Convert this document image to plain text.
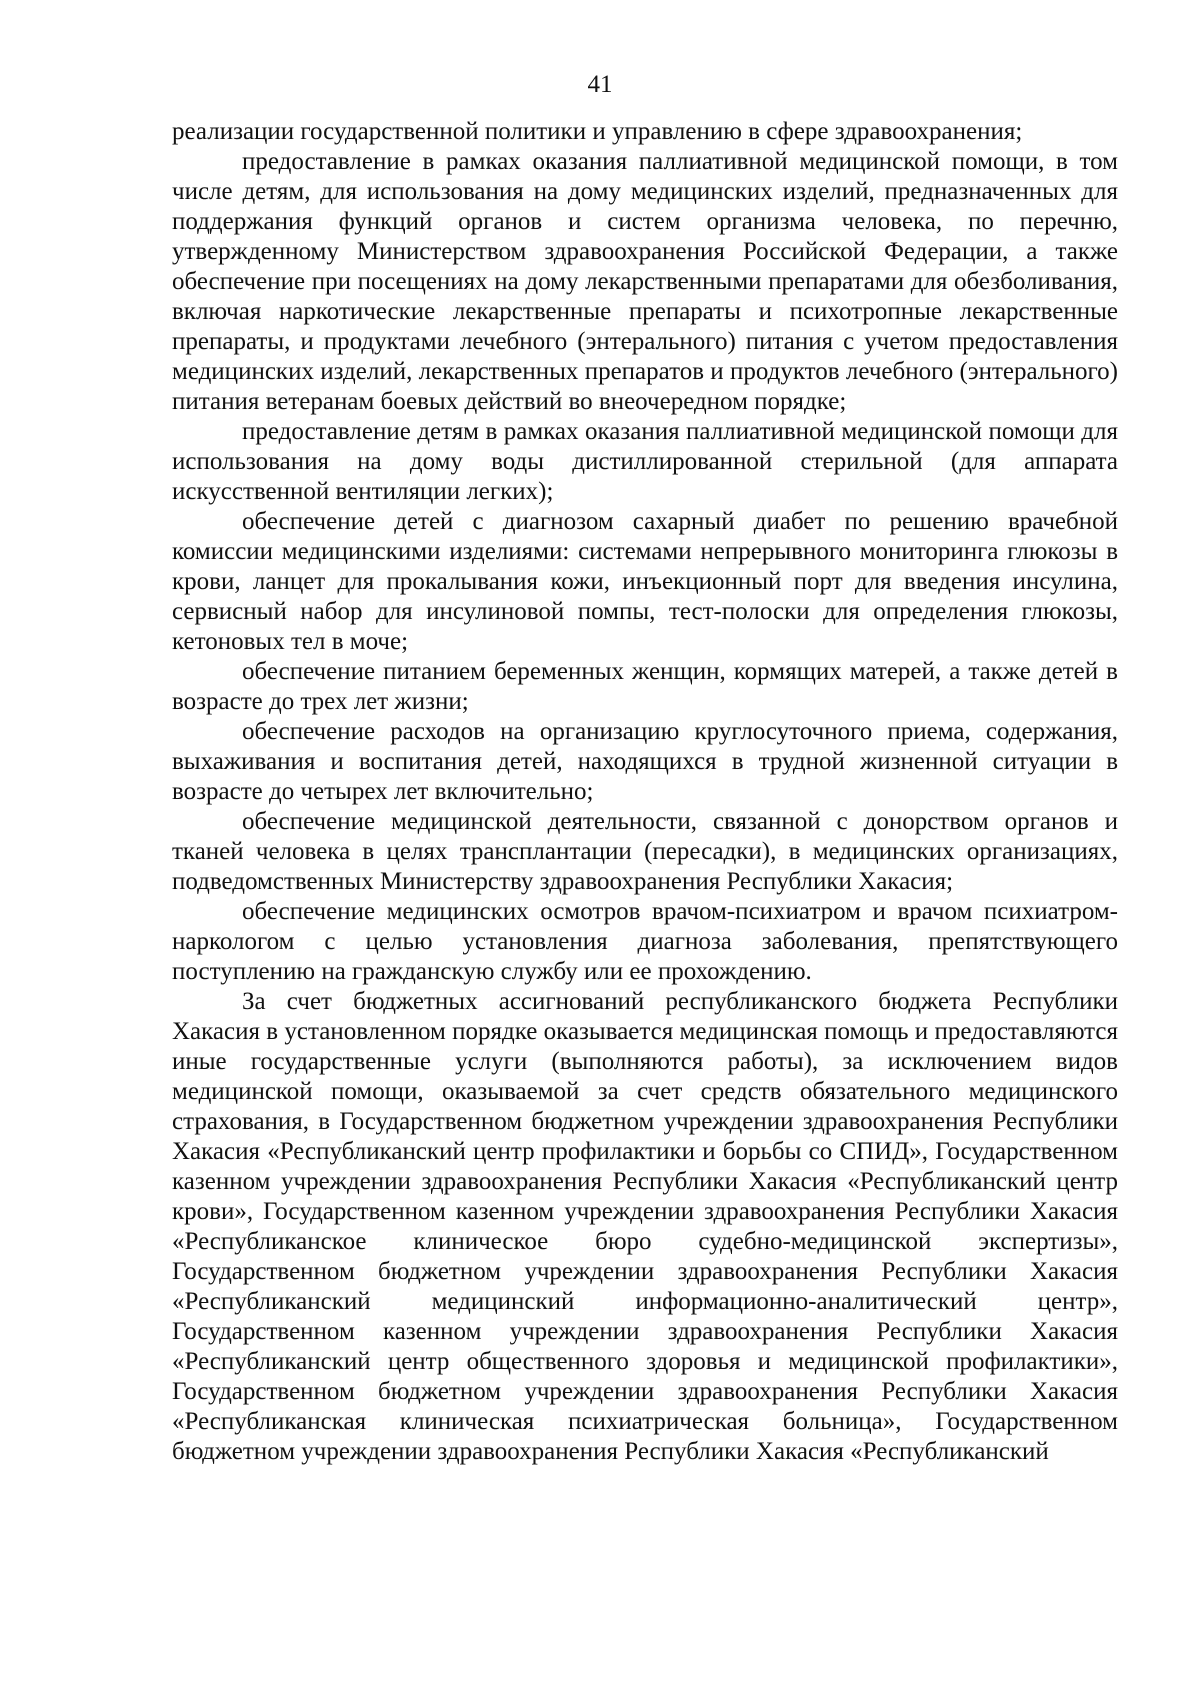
41

реализации государственной политики и управлению в сфере здравоохранения;

предоставление в рамках оказания паллиативной медицинской помощи, в том числе детям, для использования на дому медицинских изделий, предназначенных для поддержания функций органов и систем организма человека, по перечню, утвержденному Министерством здравоохранения Российской Федерации, а также обеспечение при посещениях на дому лекарственными препаратами для обезболивания, включая наркотические лекарственные препараты и психотропные лекарственные препараты, и продуктами лечебного (энтерального) питания с учетом предоставления медицинских изделий, лекарственных препаратов и продуктов лечебного (энтерального) питания ветеранам боевых действий во внеочередном порядке;

предоставление детям в рамках оказания паллиативной медицинской помощи для использования на дому воды дистиллированной стерильной (для аппарата искусственной вентиляции легких);

обеспечение детей с диагнозом сахарный диабет по решению врачебной комиссии медицинскими изделиями: системами непрерывного мониторинга глюкозы в крови, ланцет для прокалывания кожи, инъекционный порт для введения инсулина, сервисный набор для инсулиновой помпы, тест-полоски для определения глюкозы, кетоновых тел в моче;

обеспечение питанием беременных женщин, кормящих матерей, а также детей в возрасте до трех лет жизни;

обеспечение расходов на организацию круглосуточного приема, содержания, выхаживания и воспитания детей, находящихся в трудной жизненной ситуации в возрасте до четырех лет включительно;

обеспечение медицинской деятельности, связанной с донорством органов и тканей человека в целях трансплантации (пересадки), в медицинских организациях, подведомственных Министерству здравоохранения Республики Хакасия;

обеспечение медицинских осмотров врачом-психиатром и врачом психиатром-наркологом с целью установления диагноза заболевания, препятствующего поступлению на гражданскую службу или ее прохождению.

За счет бюджетных ассигнований республиканского бюджета Республики Хакасия в установленном порядке оказывается медицинская помощь и предоставляются иные государственные услуги (выполняются работы), за исключением видов медицинской помощи, оказываемой за счет средств обязательного медицинского страхования, в Государственном бюджетном учреждении здравоохранения Республики Хакасия «Республиканский центр профилактики и борьбы со СПИД», Государственном казенном учреждении здравоохранения Республики Хакасия «Республиканский центр крови», Государственном казенном учреждении здравоохранения Республики Хакасия «Республиканское клиническое бюро судебно-медицинской экспертизы», Государственном бюджетном учреждении здравоохранения Республики Хакасия «Республиканский медицинский информационно-аналитический центр», Государственном казенном учреждении здравоохранения Республики Хакасия «Республиканский центр общественного здоровья и медицинской профилактики», Государственном бюджетном учреждении здравоохранения Республики Хакасия «Республиканская клиническая психиатрическая больница», Государственном бюджетном учреждении здравоохранения Республики Хакасия «Республиканский
